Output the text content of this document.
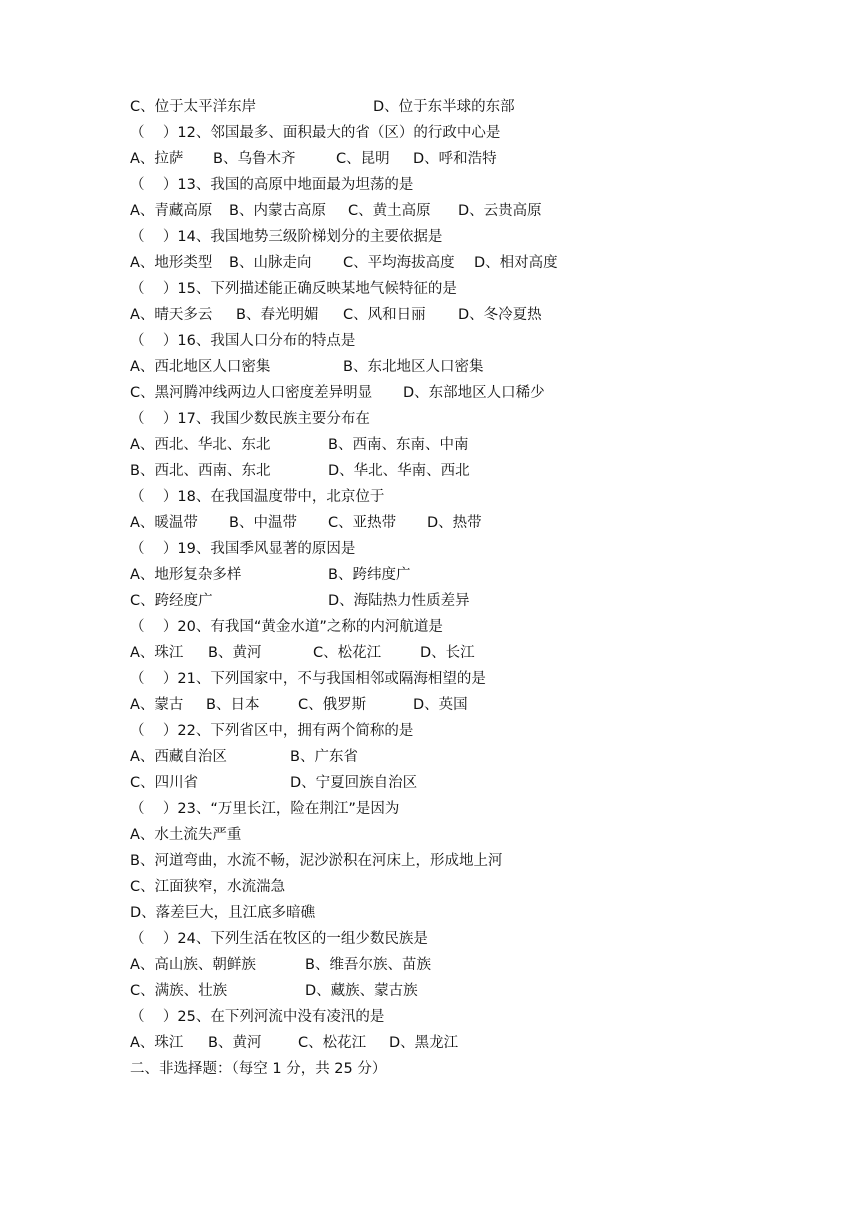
C、位于太平洋东岸	D、位于东半球的东部
（    ）12、邻国最多、面积最大的省（区）的行政中心是
A、拉萨 B、乌鲁木齐	C、昆明 D、呼和浩特
（    ）13、我国的高原中地面最为坦荡的是
A、青藏高原 B、内蒙古高原 C、黄土高原 D、云贵高原
（    ）14、我国地势三级阶梯划分的主要依据是
A、地形类型 B、山脉走向 C、平均海拔高度 D、相对高度
（    ）15、下列描述能正确反映某地气候特征的是
A、晴天多云 B、春光明媚 C、风和日丽 D、冬冷夏热
（    ）16、我国人口分布的特点是
A、西北地区人口密集	B、东北地区人口密集
C、黑河腾冲线两边人口密度差异明显 D、东部地区人口稀少
（    ）17、我国少数民族主要分布在
A、西北、华北、东北	B、西南、东南、中南
B、西北、西南、东北	D、华北、华南、西北
（    ）18、在我国温度带中，北京位于
A、暖温带 B、中温带 C、亚热带 D、热带
（    ）19、我国季风显著的原因是
A、地形复杂多样	B、跨纬度广
C、跨经度广	D、海陆热力性质差异
（    ）20、有我国“黄金水道”之称的内河航道是
A、珠江 B、黄河	C、松花江	D、长江
（    ）21、下列国家中，不与我国相邻或隔海相望的是
A、蒙古 B、日本	C、俄罗斯	D、英国
（    ）22、下列省区中，拥有两个简称的是
A、西藏自治区	B、广东省
C、四川省	D、宁夏回族自治区
（    ）23、“万里长江，险在荆江”是因为
A、水土流失严重
B、河道弯曲，水流不畅，泥沙淤积在河床上，形成地上河
C、江面狭窄，水流湍急
D、落差巨大，且江底多暗礁
（    ）24、下列生活在牧区的一组少数民族是
A、高山族、朝鲜族	B、维吾尔族、苗族
C、满族、壮族	D、藏族、蒙古族
（    ）25、在下列河流中没有凌汛的是
A、珠江 B、黄河	C、松花江 D、黑龙江
二、非选择题：（每空 1 分，共 25 分）
